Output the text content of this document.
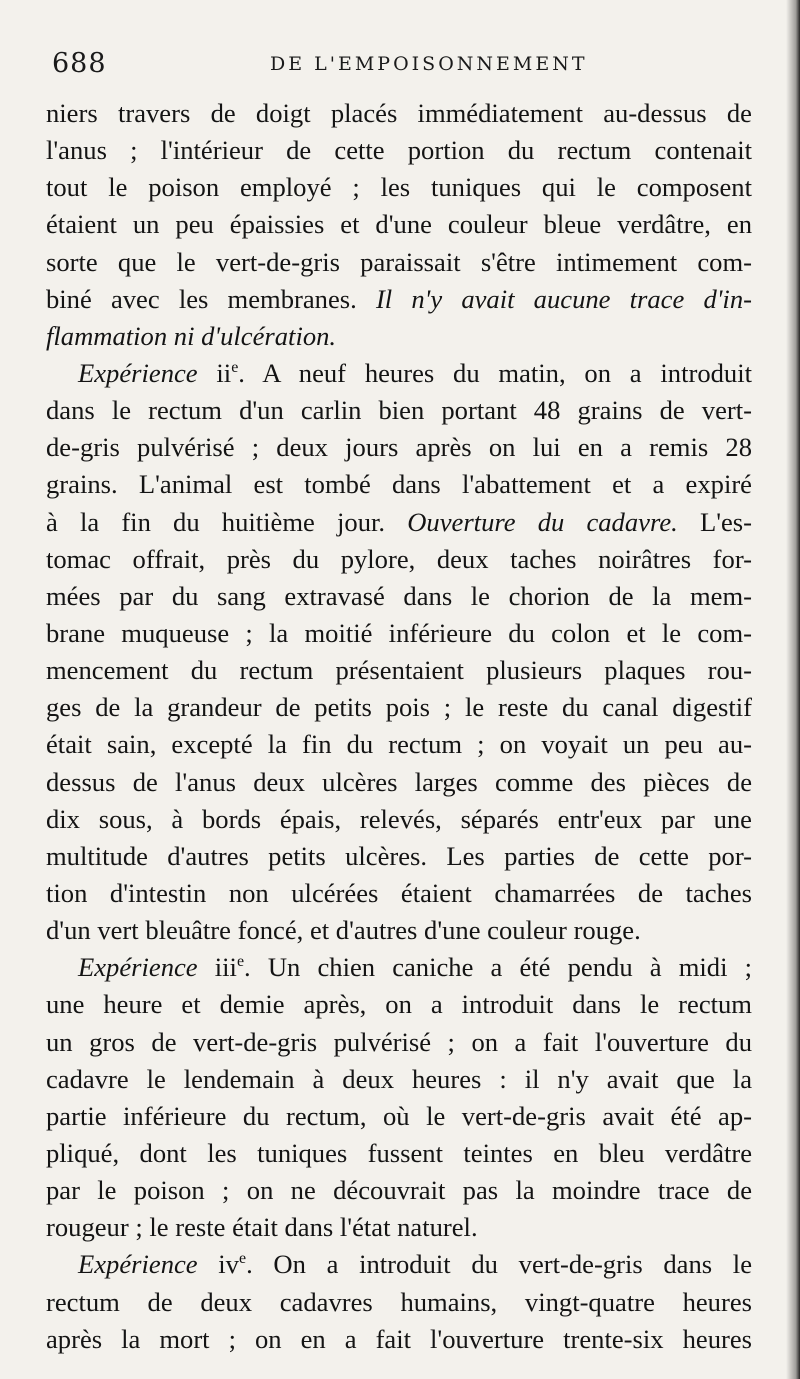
688	DE L'EMPOISONNEMENT
niers travers de doigt placés immédiatement au-dessus de
l'anus ; l'intérieur de cette portion du rectum contenait
tout le poison employé ; les tuniques qui le composent
étaient un peu épaissies et d'une couleur bleue verdâtre, en
sorte que le vert-de-gris paraissait s'être intimement com-
biné avec les membranes. Il n'y avait aucune trace d'in-
flammation ni d'ulcération.
Expérience $ii^e$. A neuf heures du matin, on a introduit
dans le rectum d'un carlin bien portant 48 grains de vert-
de-gris pulvérisé ; deux jours après on lui en a remis 28
grains. L'animal est tombé dans l'abattement et a expiré
à la fin du huitième jour. Ouverture du cadavre. L'es-
tomac offrait, près du pylore, deux taches noirâtres for-
mées par du sang extravasé dans le chorion de la mem-
brane muqueuse ; la moitié inférieure du colon et le com-
mencement du rectum présentaient plusieurs plaques rou-
ges de la grandeur de petits pois ; le reste du canal digestif
était sain, excepté la fin du rectum ; on voyait un peu au-
dessus de l'anus deux ulcères larges comme des pièces de
dix sous, à bords épais, relevés, séparés entr'eux par une
multitude d'autres petits ulcères. Les parties de cette por-
tion d'intestin non ulcérées étaient chamarrées de taches
d'un vert bleuâtre foncé, et d'autres d'une couleur rouge.
Expérience iii$^e$. Un chien caniche a été pendu à midi ;
une heure et demie après, on a introduit dans le rectum
un gros de vert-de-gris pulvérisé ; on a fait l'ouverture du
cadavre le lendemain à deux heures : il n'y avait que la
partie inférieure du rectum, où le vert-de-gris avait été ap-
pliqué, dont les tuniques fussent teintes en bleu verdâtre
par le poison ; on ne découvrait pas la moindre trace de
rougeur ; le reste était dans l'état naturel.
Expérience $iv^e$. On a introduit du vert-de-gris dans le
rectum de deux cadavres humains, vingt-quatre heures
après la mort ; on en a fait l'ouverture trente-six heures
